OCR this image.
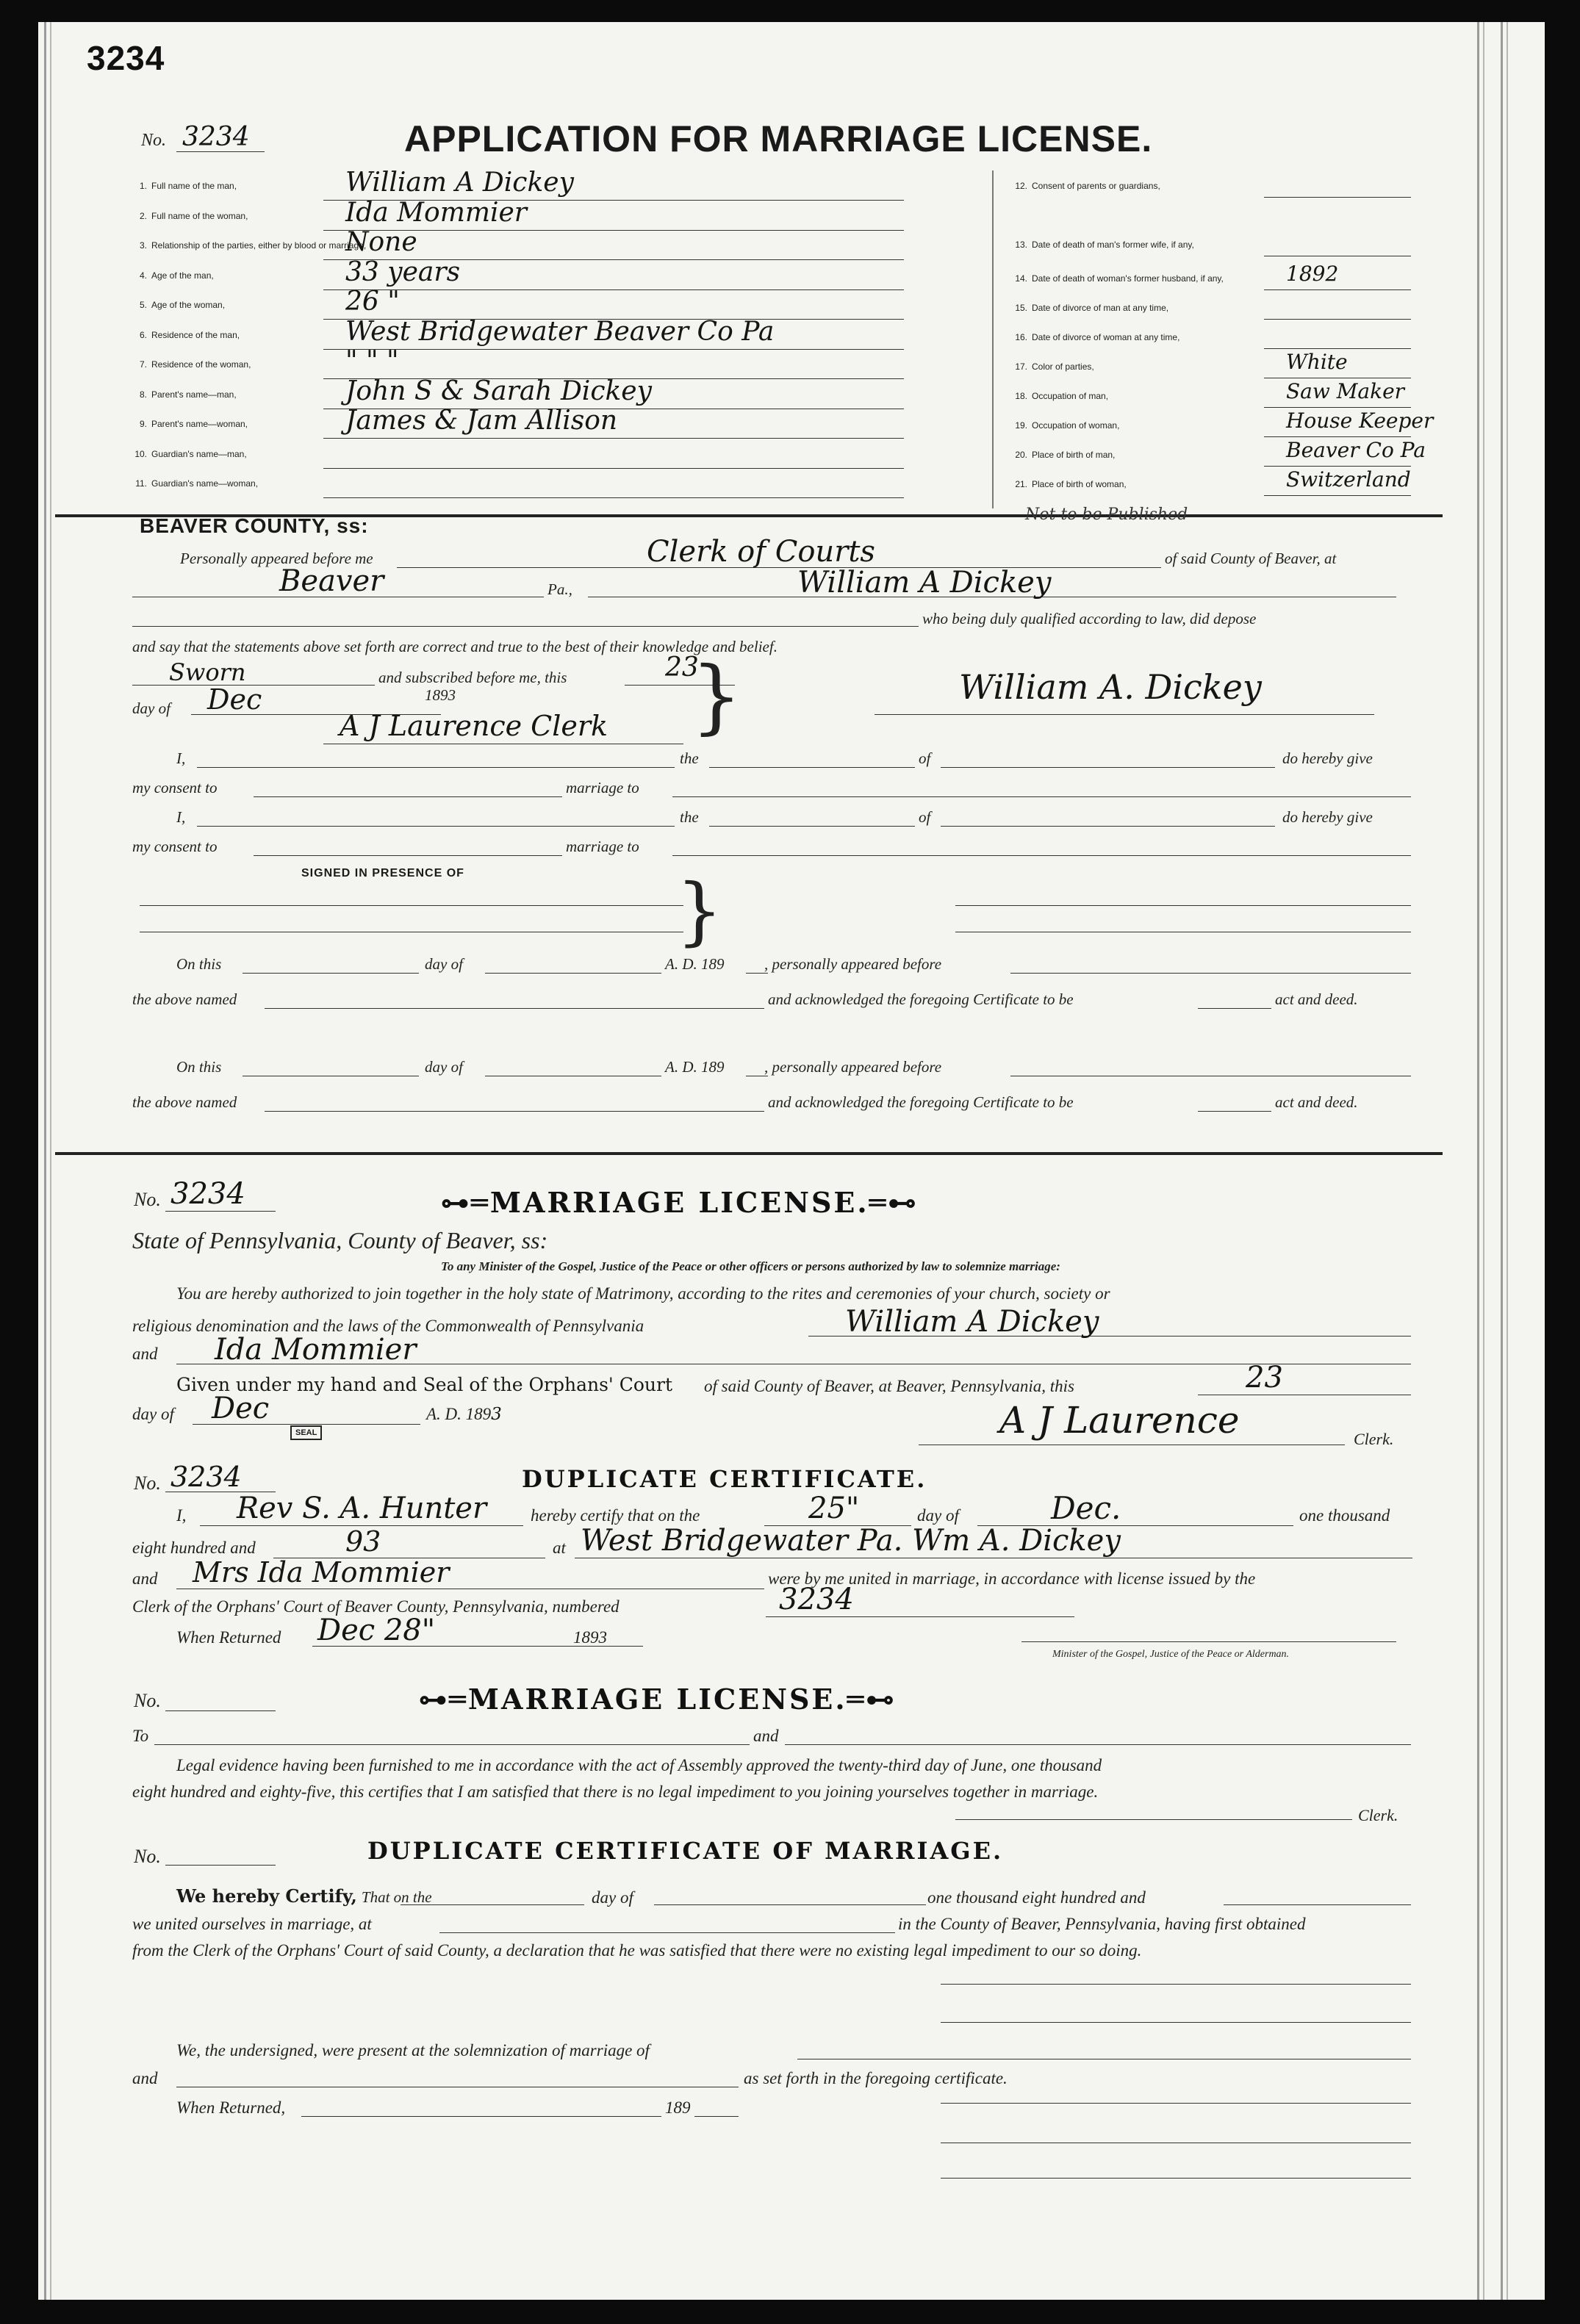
3234
No. 3234	APPLICATION FOR MARRIAGE LICENSE.
1. Full name of the man,	William A Dickey
2. Full name of the woman,	Ida Mommier
3. Relationship of the parties, either by blood or marriage,
None
4. Age of the man,	33 years
5. Age of the woman,	26 "
6. Residence of the man,	West Bridgewater Beaver Co Pa
7. Residence of the woman,	" " "
8. Parent's name—man,	John S & Sarah Dickey
9. Parent's name—woman,	James & Jam Allison
10. Guardian's name—man,
11. Guardian's name—woman,
12. Consent of parents or guardians,
13. Date of death of man's former wife, if any,
14. Date of death of woman's former husband, if any,	1892
15. Date of divorce of man at any time,
16. Date of divorce of woman at any time,
17. Color of parties,	White
18. Occupation of man,	Saw Maker
19. Occupation of woman,	House Keeper
20. Place of birth of man,	Beaver Co Pa
21. Place of birth of woman,	Switzerland
BEAVER COUNTY, ss:	Not to be Published
Personally appeared before me	Clerk of Courts	of said County of Beaver, at
Beaver	Pa.,	William A Dickey
who being duly qualified according to law, did depose
and say that the statements above set forth are correct and true to the best of their knowledge and belief.
Sworn	and subscribed before me, this	23
}
day of Dec	1893
A J Laurence Clerk
William A. Dickey
I,	the	of	do hereby give
my consent to	marriage to
I,	the	of	do hereby give
my consent to	marriage to
SIGNED IN PRESENCE OF	}
On this	day of	A. D. 189	, personally appeared before
the above named	and acknowledged the foregoing Certificate to be	act and deed.
On this	day of	A. D. 189	, personally appeared before
the above named	and acknowledged the foregoing Certificate to be	act and deed.
No. 3234	⊶═MARRIAGE LICENSE.═⊷
State of Pennsylvania, County of Beaver, ss:
To any Minister of the Gospel, Justice of the Peace or other officers or persons authorized by law to solemnize marriage:
You are hereby authorized to join together in the holy state of Matrimony, according to the rites and ceremonies of your church, society or
religious denomination and the laws of the Commonwealth of Pennsylvania	William A Dickey
and Ida Mommier
Given under my hand and Seal of the Orphans' Court of said County of Beaver, at Beaver, Pennsylvania, this	23
day of Dec	A. D. 1893
SEAL	A J Laurence	Clerk.
No. 3234	DUPLICATE CERTIFICATE.
I, Rev S. A. Hunter	hereby certify that on the	25"	day of	Dec.	one thousand
eight hundred and	93	at West Bridgewater Pa. Wm A. Dickey
and Mrs Ida Mommier	were by me united in marriage, in accordance with license issued by the
Clerk of the Orphans' Court of Beaver County, Pennsylvania, numbered	3234
When Returned Dec 28"	1893
Minister of the Gospel, Justice of the Peace or Alderman.
No.	⊶═MARRIAGE LICENSE.═⊷
To	and
Legal evidence having been furnished to me in accordance with the act of Assembly approved the twenty-third day of June, one thousand
eight hundred and eighty-five, this certifies that I am satisfied that there is no legal impediment to you joining yourselves together in marriage.
Clerk.
No.	DUPLICATE CERTIFICATE OF MARRIAGE.
We hereby Certify, That on the	day of	one thousand eight hundred and
we united ourselves in marriage, at	in the County of Beaver, Pennsylvania, having first obtained
from the Clerk of the Orphans' Court of said County, a declaration that he was satisfied that there were no existing legal impediment to our so doing.
We, the undersigned, were present at the solemnization of marriage of
and	as set forth in the foregoing certificate.
When Returned,	189
